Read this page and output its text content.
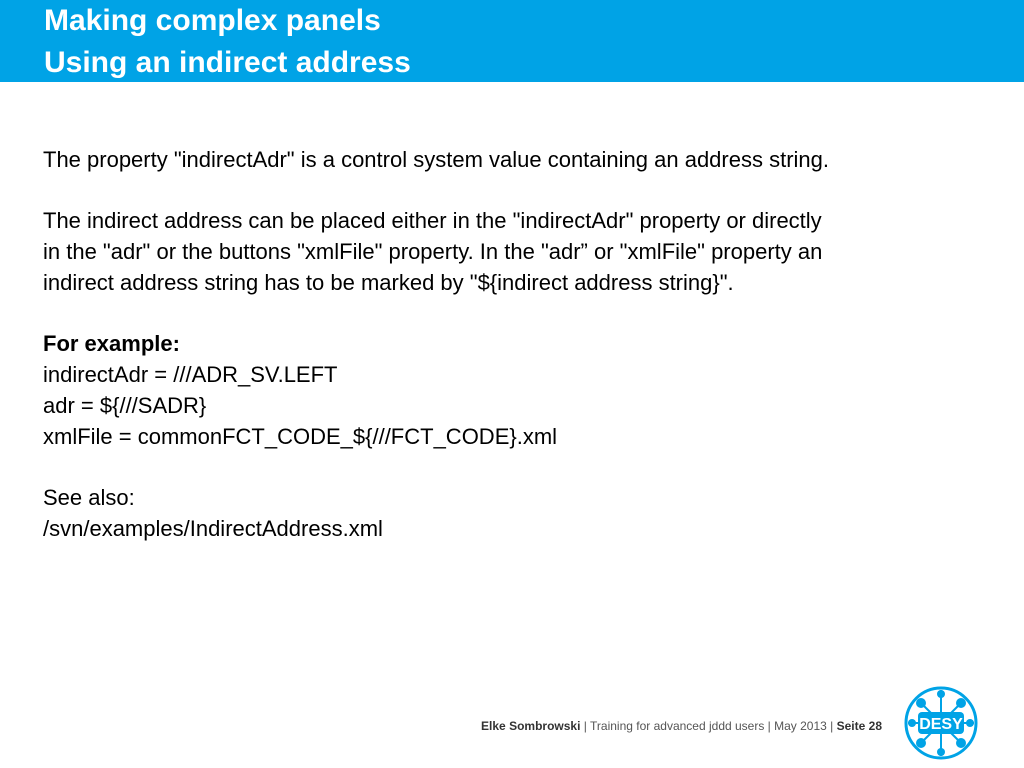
Making complex panels
Using an indirect address

The property "indirectAdr" is a control system value containing an address string.

The indirect address can be placed either in the "indirectAdr" property or directly

in the "adr" or the buttons "xmlFile" property. In the "adr” or "xmlFile" property an

indirect address string has to be marked by "${indirect address string}".

For example:

indirectAdr = ///ADR_SV.LEFT

adr = ${///SADR}

xmlFile = commonFCT_CODE_${///FCT_CODE}.xml

See also:

/svn/examples/IndirectAddress.xml

Elke Sombrowski | Training for advanced jddd users | May 2013 | Seite 28 DESY
